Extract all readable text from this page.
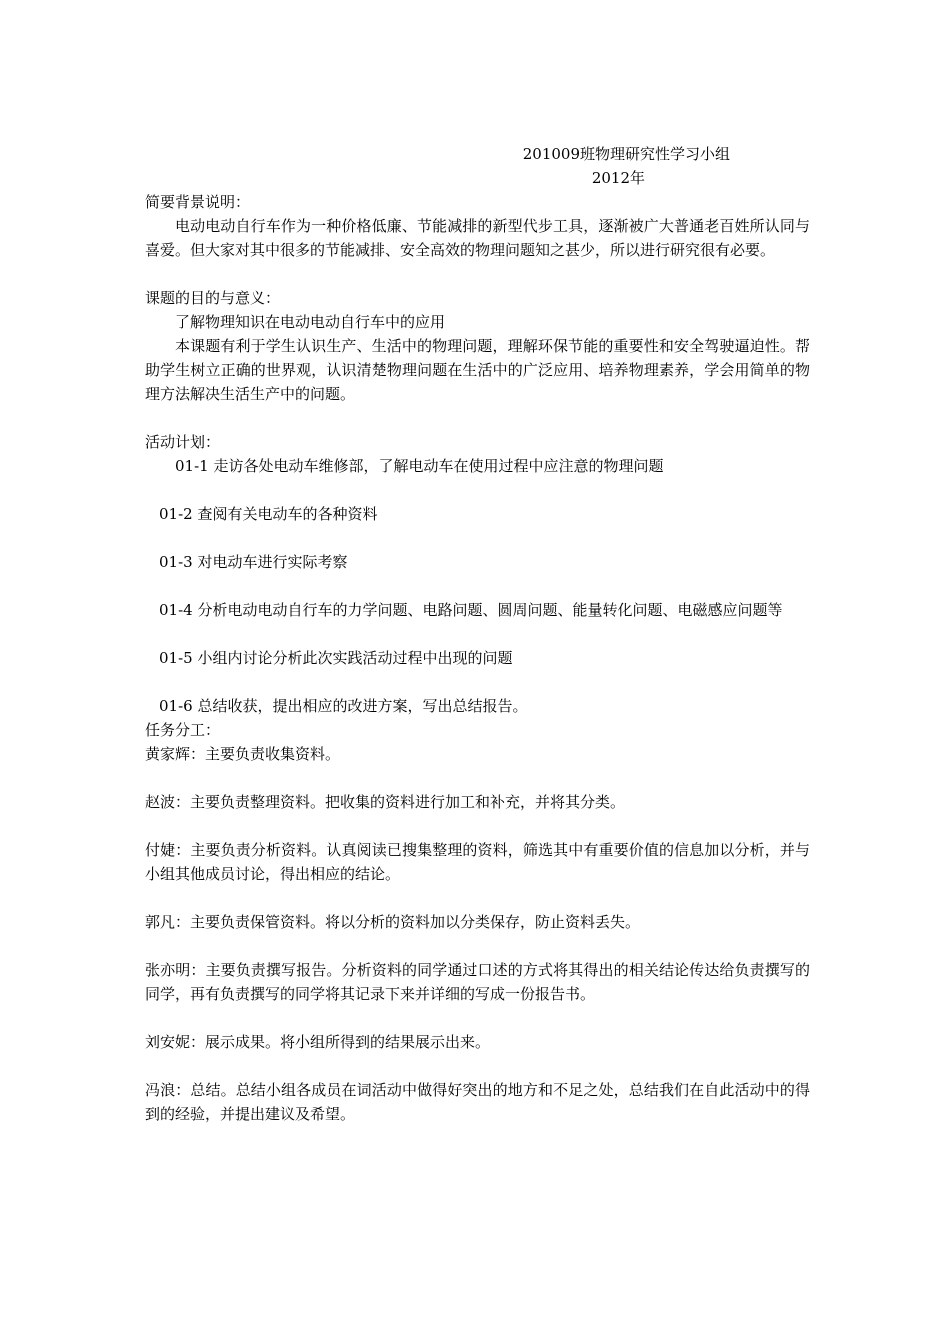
201009班物理研究性学习小组

2012年

简要背景说明：

电动电动自行车作为一种价格低廉、节能减排的新型代步工具，逐渐被广大普通老百姓所认同与喜爱。但大家对其中很多的节能减排、安全高效的物理问题知之甚少，所以进行研究很有必要。

课题的目的与意义：

了解物理知识在电动电动自行车中的应用

本课题有利于学生认识生产、生活中的物理问题，理解环保节能的重要性和安全驾驶逼迫性。帮助学生树立正确的世界观，认识清楚物理问题在生活中的广泛应用、培养物理素养，学会用简单的物理方法解决生活生产中的问题。

活动计划：

01-1 走访各处电动车维修部，了解电动车在使用过程中应注意的物理问题

01-2 查阅有关电动车的各种资料

01-3 对电动车进行实际考察

01-4 分析电动电动自行车的力学问题、电路问题、圆周问题、能量转化问题、电磁感应问题等

01-5 小组内讨论分析此次实践活动过程中出现的问题

01-6 总结收获，提出相应的改进方案，写出总结报告。

任务分工：

黄家辉：主要负责收集资料。

赵波：主要负责整理资料。把收集的资料进行加工和补充，并将其分类。

付婕：主要负责分析资料。认真阅读已搜集整理的资料，筛选其中有重要价值的信息加以分析，并与小组其他成员讨论，得出相应的结论。

郭凡：主要负责保管资料。将以分析的资料加以分类保存，防止资料丢失。

张亦明：主要负责撰写报告。分析资料的同学通过口述的方式将其得出的相关结论传达给负责撰写的同学，再有负责撰写的同学将其记录下来并详细的写成一份报告书。

刘安妮：展示成果。将小组所得到的结果展示出来。

冯浪：总结。总结小组各成员在词活动中做得好突出的地方和不足之处，总结我们在自此活动中的得到的经验，并提出建议及希望。
